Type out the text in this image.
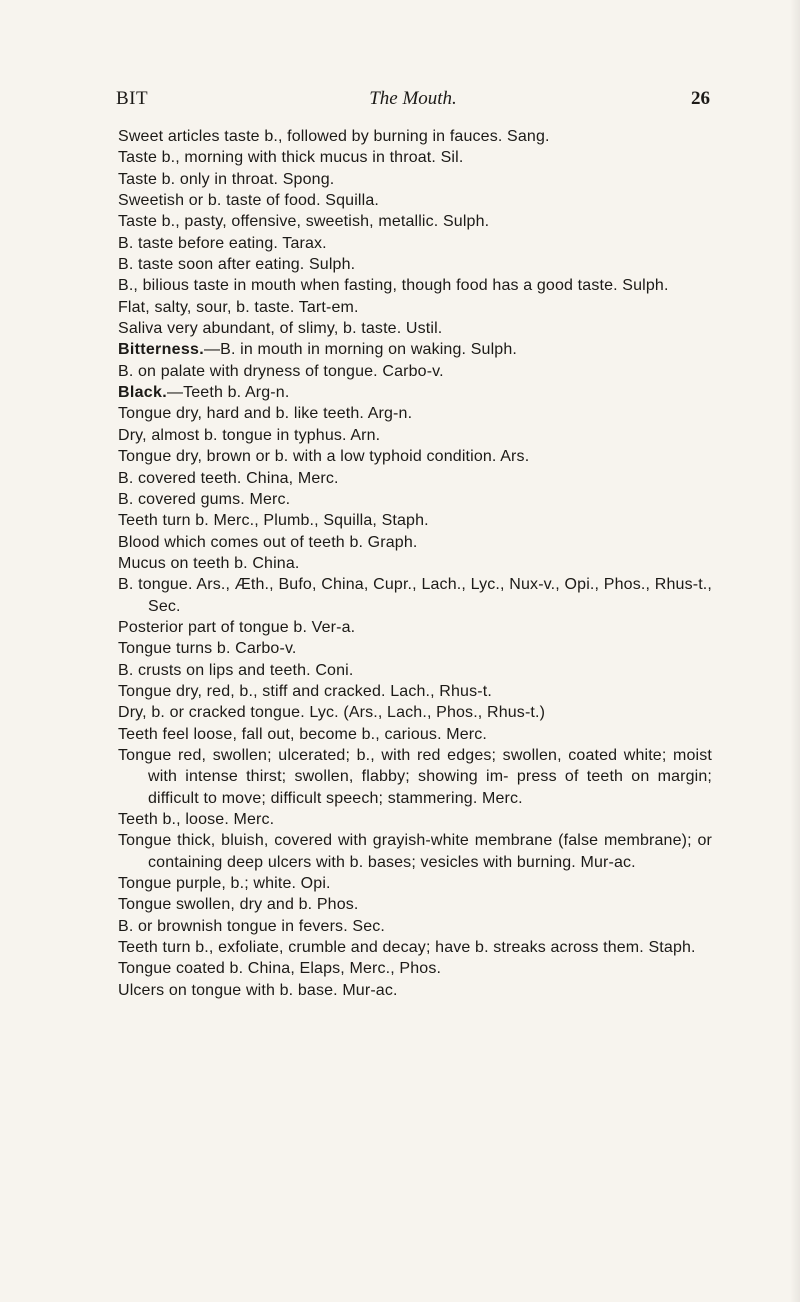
BIT	The Mouth.	26
Sweet articles taste b., followed by burning in fauces. Sang.
Taste b., morning with thick mucus in throat. Sil.
Taste b. only in throat. Spong.
Sweetish or b. taste of food. Squilla.
Taste b., pasty, offensive, sweetish, metallic. Sulph.
B. taste before eating. Tarax.
B. taste soon after eating. Sulph.
B., bilious taste in mouth when fasting, though food has a good taste. Sulph.
Flat, salty, sour, b. taste. Tart-em.
Saliva very abundant, of slimy, b. taste. Ustil.
Bitterness.—B. in mouth in morning on waking. Sulph.
B. on palate with dryness of tongue. Carbo-v.
Black.—Teeth b. Arg-n.
Tongue dry, hard and b. like teeth. Arg-n.
Dry, almost b. tongue in typhus. Arn.
Tongue dry, brown or b. with a low typhoid condition. Ars.
B. covered teeth. China, Merc.
B. covered gums. Merc.
Teeth turn b. Merc., Plumb., Squilla, Staph.
Blood which comes out of teeth b. Graph.
Mucus on teeth b. China.
B. tongue. Ars., Æth., Bufo, China, Cupr., Lach., Lyc., Nux-v., Opi., Phos., Rhus-t., Sec.
Posterior part of tongue b. Ver-a.
Tongue turns b. Carbo-v.
B. crusts on lips and teeth. Coni.
Tongue dry, red, b., stiff and cracked. Lach., Rhus-t.
Dry, b. or cracked tongue. Lyc. (Ars., Lach., Phos., Rhus-t.)
Teeth feel loose, fall out, become b., carious. Merc.
Tongue red, swollen; ulcerated; b., with red edges; swollen, coated white; moist with intense thirst; swollen, flabby; showing im- press of teeth on margin; difficult to move; difficult speech; stammering. Merc.
Teeth b., loose. Merc.
Tongue thick, bluish, covered with grayish-white membrane (false membrane); or containing deep ulcers with b. bases; vesicles with burning. Mur-ac.
Tongue purple, b.; white. Opi.
Tongue swollen, dry and b. Phos.
B. or brownish tongue in fevers. Sec.
Teeth turn b., exfoliate, crumble and decay; have b. streaks across them. Staph.
Tongue coated b. China, Elaps, Merc., Phos.
Ulcers on tongue with b. base. Mur-ac.
